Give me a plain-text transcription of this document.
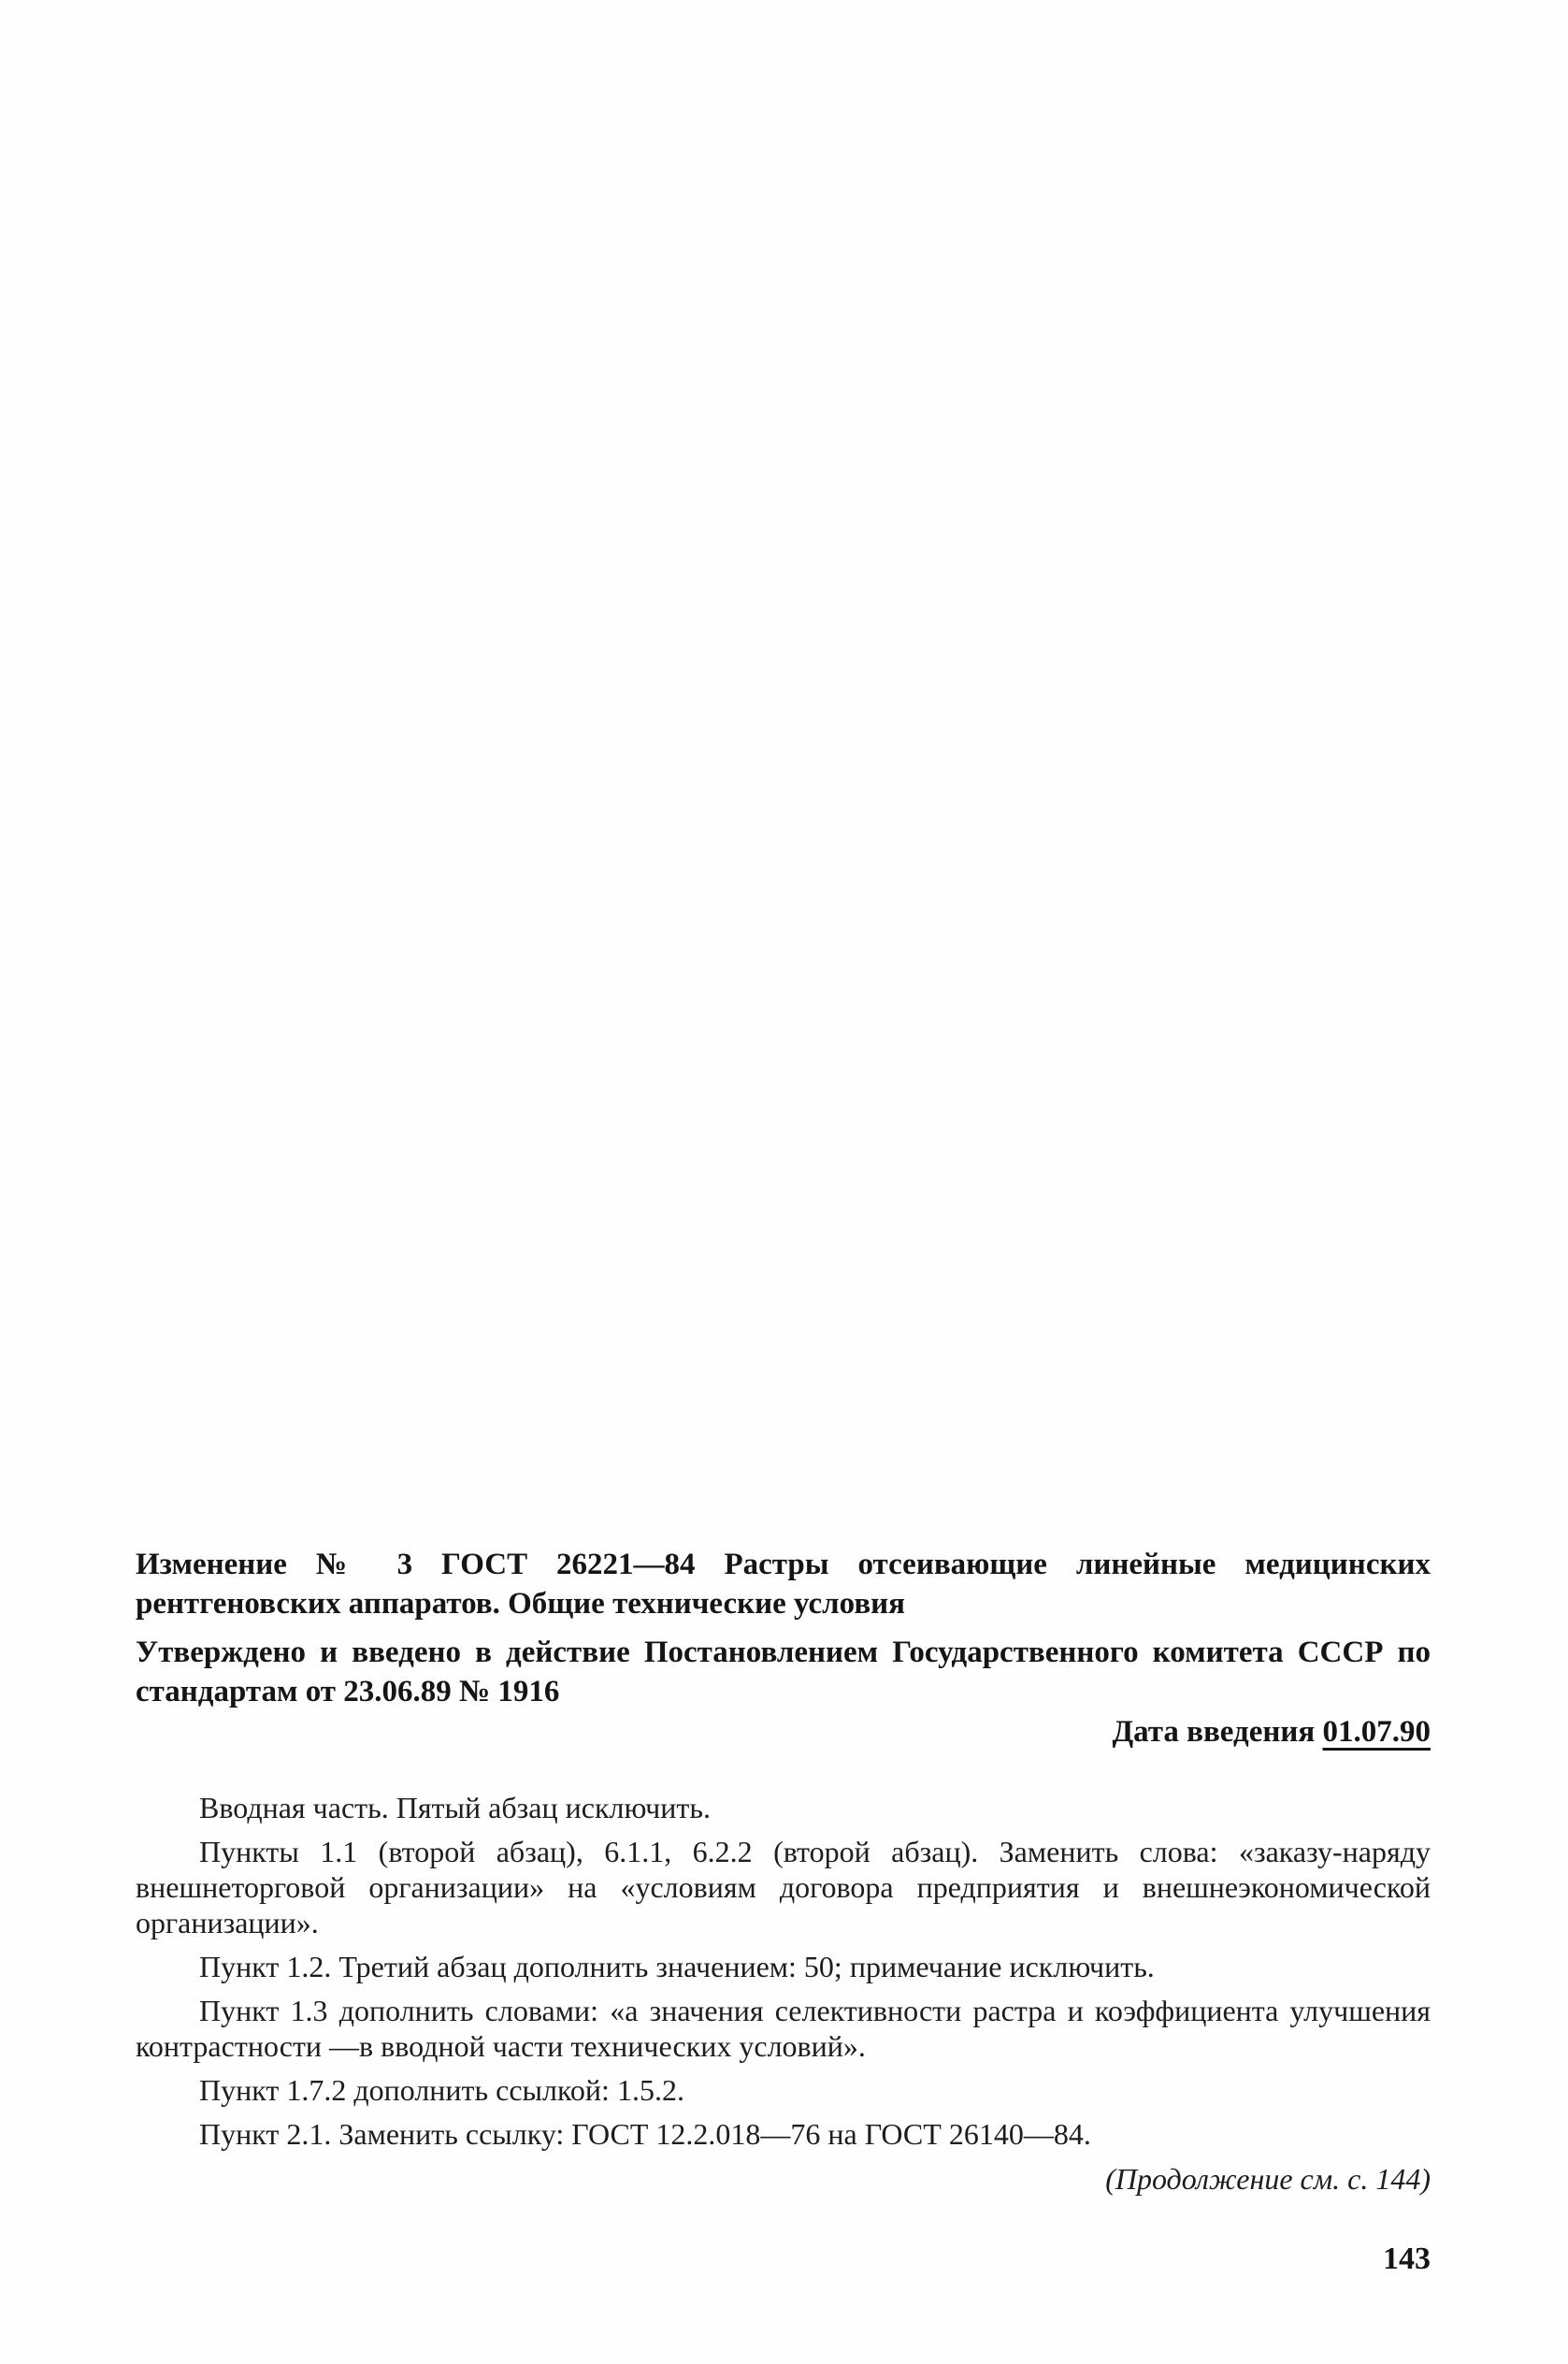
Изменение № 3 ГОСТ 26221—84 Растры отсеивающие линейные медицинских рентгеновских аппаратов. Общие технические условия

Утверждено и введено в действие Постановлением Государственного комитета СССР по стандартам от 23.06.89 № 1916

Дата введения 01.07.90

Вводная часть. Пятый абзац исключить.

Пункты 1.1 (второй абзац), 6.1.1, 6.2.2 (второй абзац). Заменить слова: «заказу-наряду внешнеторговой организации» на «условиям договора предприятия и внешнеэкономической организации».

Пункт 1.2. Третий абзац дополнить значением: 50; примечание исключить.

Пункт 1.3 дополнить словами: «а значения селективности растра и коэффициента улучшения контрастности —в вводной части технических условий».

Пункт 1.7.2 дополнить ссылкой: 1.5.2.

Пункт 2.1. Заменить ссылку: ГОСТ 12.2.018—76 на ГОСТ 26140—84.

(Продолжение см. с. 144)

143
